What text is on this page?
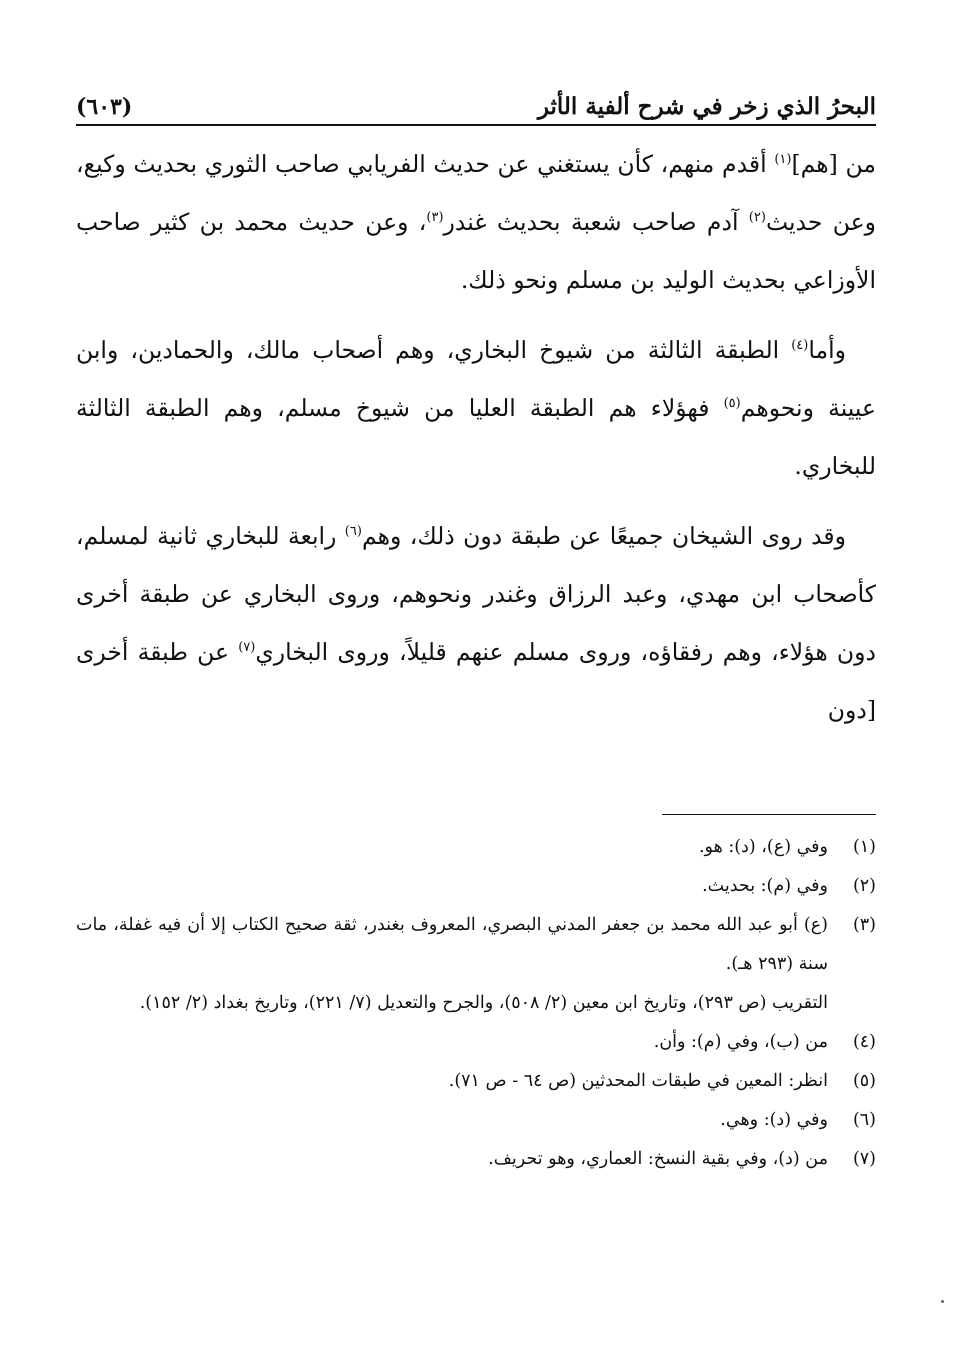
البحرُ الذي زخر في شرح ألفية الأثر
(٦٠٣)

من [هم]$^{(١)}$ أقدم منهم، كأن يستغني عن حديث الفريابي صاحب الثوري بحديث وكيع، وعن حديث$^{(٢)}$ آدم صاحب شعبة بحديث غندر$^{(٣)}$، وعن حديث محمد بن كثير صاحب الأوزاعي بحديث الوليد بن مسلم ونحو ذلك.

وأما$^{(٤)}$ الطبقة الثالثة من شيوخ البخاري، وهم أصحاب مالك، والحمادين، وابن عيينة ونحوهم$^{(٥)}$ فهؤلاء هم الطبقة العليا من شيوخ مسلم، وهم الطبقة الثالثة للبخاري.

وقد روى الشيخان جميعًا عن طبقة دون ذلك، وهم$^{(٦)}$ رابعة للبخاري ثانية لمسلم، كأصحاب ابن مهدي، وعبد الرزاق وغندر ونحوهم، وروى البخاري عن طبقة أخرى دون هؤلاء، وهم رفقاؤه، وروى مسلم عنهم قليلاً، وروى البخاري$^{(٧)}$ عن طبقة أخرى [دون

(١)
وفي (ع)، (د): هو.
(٢)
وفي (م): بحديث.
(٣)

(ع) أبو عبد الله محمد بن جعفر المدني البصري، المعروف بغندر، ثقة صحيح الكتاب إلا أن فيه غفلة، مات سنة (٢٩٣ هـ).

التقريب (ص ٢٩٣)، وتاريخ ابن معين (٢/ ٥٠٨)، والجرح والتعديل (٧/ ٢٢١)، وتاريخ بغداد (٢/ ١٥٢).

(٤)
من (ب)، وفي (م): وأن.
(٥)
انظر: المعين في طبقات المحدثين (ص ٦٤ - ص ٧١).
(٦)
وفي (د): وهي.
(٧)
من (د)، وفي بقية النسخ: العماري، وهو تحريف.
